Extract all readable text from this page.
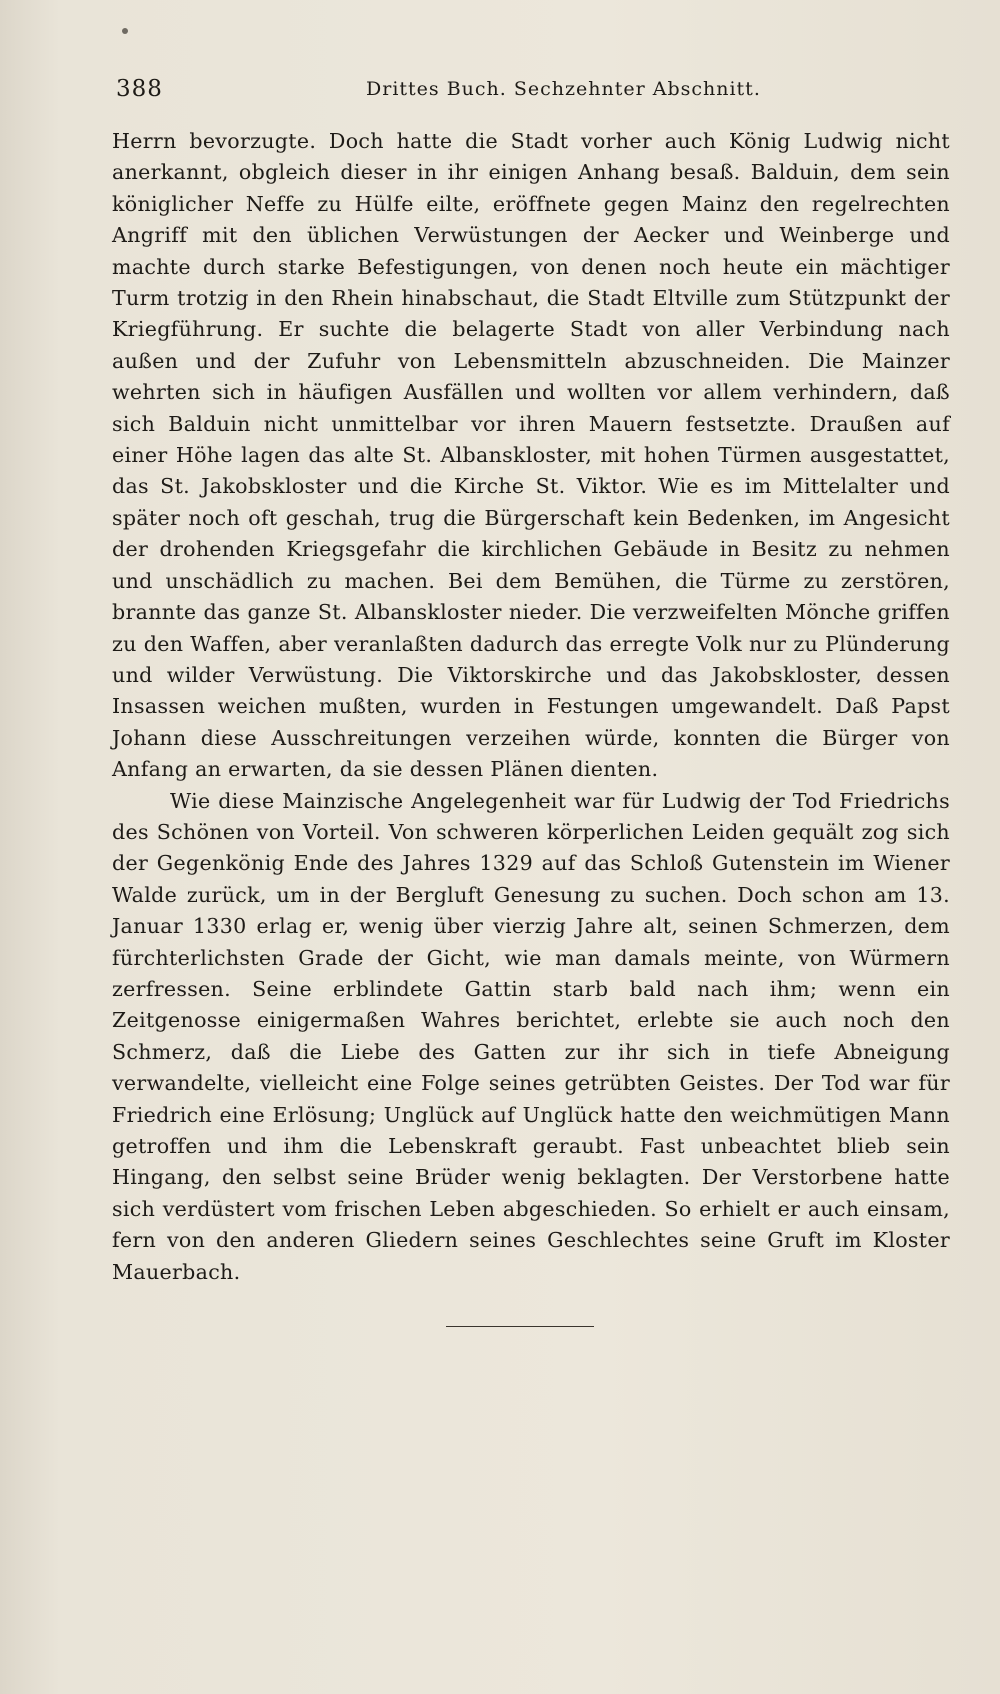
388	Drittes Buch. Sechzehnter Abschnitt.

Herrn bevorzugte. Doch hatte die Stadt vorher auch König Ludwig nicht anerkannt, obgleich dieser in ihr einigen Anhang besaß. Balduin, dem sein königlicher Neffe zu Hülfe eilte, eröffnete gegen Mainz den regelrechten Angriff mit den üblichen Verwüstungen der Aecker und Weinberge und machte durch starke Befestigungen, von denen noch heute ein mächtiger Turm trotzig in den Rhein hinabschaut, die Stadt Eltville zum Stützpunkt der Kriegführung. Er suchte die belagerte Stadt von aller Verbindung nach außen und der Zufuhr von Lebensmitteln abzuschneiden. Die Mainzer wehrten sich in häufigen Ausfällen und wollten vor allem verhindern, daß sich Balduin nicht unmittelbar vor ihren Mauern festsetzte. Draußen auf einer Höhe lagen das alte St. Albanskloster, mit hohen Türmen ausgestattet, das St. Jakobskloster und die Kirche St. Viktor. Wie es im Mittelalter und später noch oft geschah, trug die Bürgerschaft kein Bedenken, im Angesicht der drohenden Kriegsgefahr die kirchlichen Gebäude in Besitz zu nehmen und unschädlich zu machen. Bei dem Bemühen, die Türme zu zerstören, brannte das ganze St. Albanskloster nieder. Die verzweifelten Mönche griffen zu den Waffen, aber veranlaßten dadurch das erregte Volk nur zu Plünderung und wilder Verwüstung. Die Viktorskirche und das Jakobskloster, dessen Insassen weichen mußten, wurden in Festungen umgewandelt. Daß Papst Johann diese Ausschreitungen verzeihen würde, konnten die Bürger von Anfang an erwarten, da sie dessen Plänen dienten.

Wie diese Mainzische Angelegenheit war für Ludwig der Tod Friedrichs des Schönen von Vorteil. Von schweren körperlichen Leiden gequält zog sich der Gegenkönig Ende des Jahres 1329 auf das Schloß Gutenstein im Wiener Walde zurück, um in der Bergluft Genesung zu suchen. Doch schon am 13. Januar 1330 erlag er, wenig über vierzig Jahre alt, seinen Schmerzen, dem fürchterlichsten Grade der Gicht, wie man damals meinte, von Würmern zerfressen. Seine erblindete Gattin starb bald nach ihm; wenn ein Zeitgenosse einigermaßen Wahres berichtet, erlebte sie auch noch den Schmerz, daß die Liebe des Gatten zur ihr sich in tiefe Abneigung verwandelte, vielleicht eine Folge seines getrübten Geistes. Der Tod war für Friedrich eine Erlösung; Unglück auf Unglück hatte den weichmütigen Mann getroffen und ihm die Lebenskraft geraubt. Fast unbeachtet blieb sein Hingang, den selbst seine Brüder wenig beklagten. Der Verstorbene hatte sich verdüstert vom frischen Leben abgeschieden. So erhielt er auch einsam, fern von den anderen Gliedern seines Geschlechtes seine Gruft im Kloster Mauerbach.
